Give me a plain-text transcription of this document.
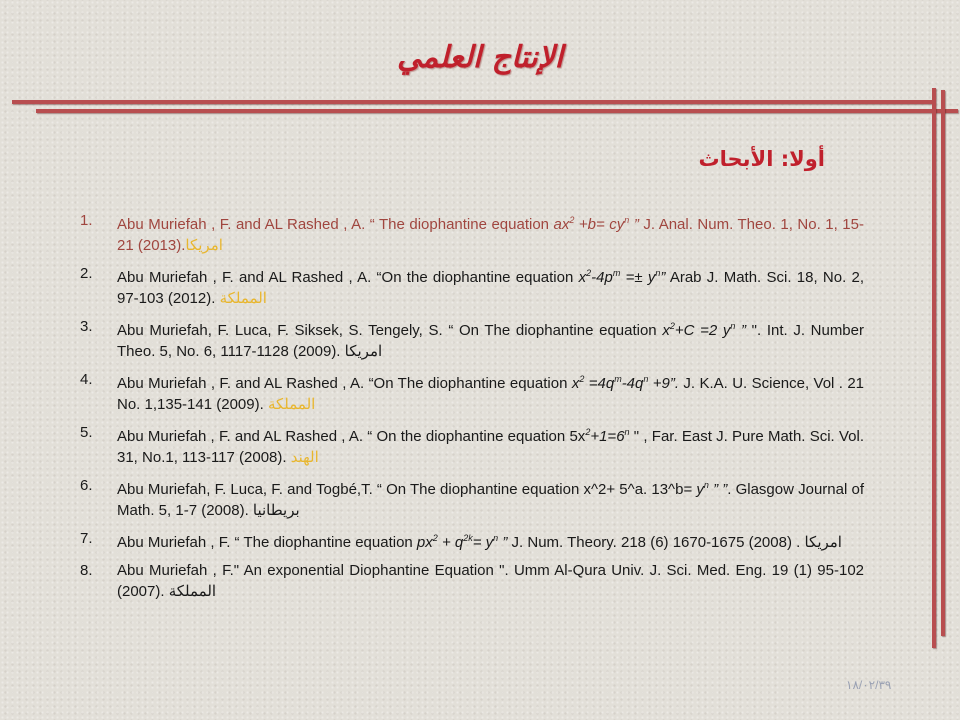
الإنتاج العلمي
أولا: الأبحاث
1.	Abu Muriefah , F. and AL Rashed , A. “ The diophantine equation $ax^2 +b= cy^n$ ” J. Anal. Num. Theo. 1, No. 1, 15-21 (2013).امريكا
2.	Abu Muriefah , F. and AL Rashed , A. “On the diophantine equation $x^2-4p^m =\pm y^n$” Arab J. Math. Sci. 18, No. 2, 97-103 (2012). المملكة
3.	Abu Muriefah, F. Luca, F. Siksek, S. Tengely, S. “ On The diophantine equation $x^2+C =2$ $y^n$ ” ". Int. J. Number Theo. 5, No. 6, 1117-1128 (2009). امريكا
4.	Abu Muriefah , F. and AL Rashed , A. “On The diophantine equation $x^2 =4q^m-4q^n +9$”. J. K.A. U. Science, Vol . 21 No. 1,135-141 (2009). المملكة
5.	Abu Muriefah , F. and AL Rashed , A. “ On the diophantine equation $5x^2+1=6^n$ " , Far. East J. Pure Math. Sci. Vol. 31, No.1, 113-117 (2008). الهند
6.	Abu Muriefah, F. Luca, F. and Togbé,T. “ On The diophantine equation x^2+ 5^a. 13^b= $y^n$ ” ”. Glasgow Journal of Math. 5, 1-7 (2008). بريطانيا
7.	Abu Muriefah , F. “ The diophantine equation $px^2 + q^{2k}= y^n$ ” J. Num. Theory. 218 (6) 1670-1675 (2008) . امريكا
8.	Abu Muriefah , F." An exponential Diophantine Equation ". Umm Al-Qura Univ. J. Sci. Med. Eng. 19 (1) 95-102 (2007). المملكة
١٨/٠٢/٣٩
